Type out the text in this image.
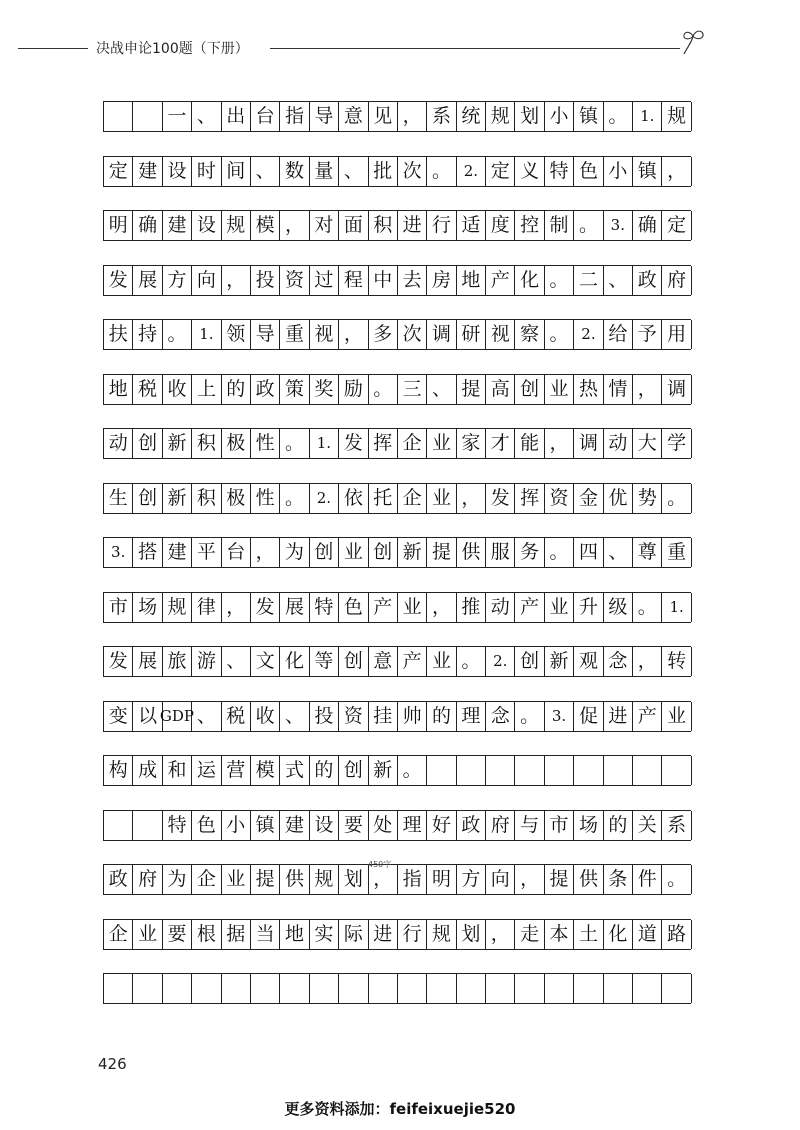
决战申论100题（下册）
一 、 出 台 指 导 意 见 ， 系 统 规 划 小 镇 。 1. 规
定 建 设 时 间 、 数 量 、 批 次 。 2. 定 义 特 色 小 镇 ，
明 确 建 设 规 模 ， 对 面 积 进 行 适 度 控 制 。 3. 确 定
发 展 方 向 ， 投 资 过 程 中 去 房 地 产 化 。 二 、 政 府
扶 持 。 1. 领 导 重 视 ， 多 次 调 研 视 察 。 2. 给 予 用
地 税 收 上 的 政 策 奖 励 。 三 、 提 高 创 业 热 情 ， 调
动 创 新 积 极 性 。 1. 发 挥 企 业 家 才 能 ， 调 动 大 学
生 创 新 积 极 性 。 2. 依 托 企 业 ， 发 挥 资 金 优 势 。
3. 搭 建 平 台 ， 为 创 业 创 新 提 供 服 务 。 四 、 尊 重
市 场 规 律 ， 发 展 特 色 产 业 ， 推 动 产 业 升 级 。 1.
发 展 旅 游 、 文 化 等 创 意 产 业 。 2. 创 新 观 念 ， 转
变 以 GDP 、 税 收 、 投 资 挂 帅 的 理 念 。 3. 促 进 产 业
构 成 和 运 营 模 式 的 创 新 。
特 色 小 镇 建 设 要 处 理 好 政 府 与 市 场 的 关 系
政 府 为 企 业 提 供 规 划 ， 指 明 方 向 ， 提 供 条 件 。
企 业 要 根 据 当 地 实 际 进 行 规 划 ， 走 本 土 化 道 路
450字
426
更多资料添加：feifeixuejie520
